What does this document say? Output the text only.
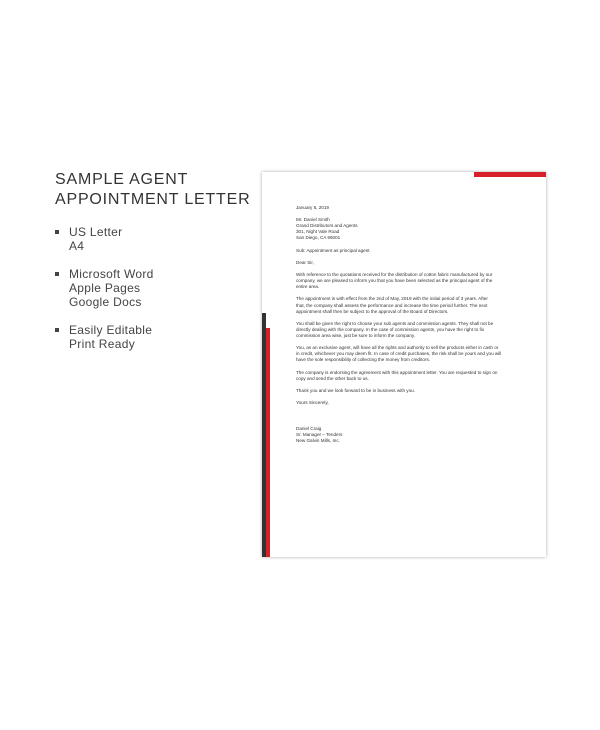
SAMPLE AGENT
APPOINTMENT LETTER
US Letter
A4
Microsoft Word
Apple Pages
Google Docs
Easily Editable
Print Ready

January 8, 2019

Mr. Daniel Smith
Grand Distributors and Agents
301, Night Vale Road
San Diego, CA 96001

Sub: Appointment as principal agent

Dear Sir,

With reference to the quotations received for the distribution of cotton fabric manufactured by our
company, we are pleased to inform you that you have been selected as the principal agent of the
entire area.

The appointment is with effect from the 2nd of May, 2019 with the initial period of 3 years. After
that, the company shall assess the performance and increase the time period further. The next
appointment shall then be subject to the approval of the Board of Directors.

You shall be given the right to choose your sub agents and commission agents. They shall not be
directly dealing with the company. In the case of commission agents, you have the right to fix
commission area wise, just be sure to inform the company.

You, as an exclusive agent, will have all the rights and authority to sell the products either in cash or
in credit, whichever you may deem fit. In case of credit purchases, the risk shall be yours and you will
have the sole responsibility of collecting the money from creditors.

The company is endorsing the agreement with this appointment letter. You are requested to sign on
copy and send the other back to us.

Thank you and we look forward to be in business with you.

Yours Sincerely,

Daniel Craig
Sr. Manager – Tenders
New Galvin Mills, Inc.
